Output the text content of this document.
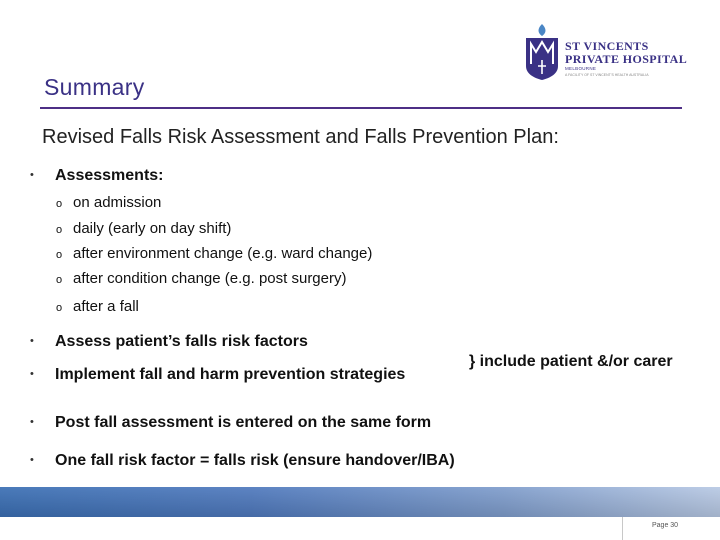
Summary
ST VINCENTS
PRIVATE HOSPITAL
MELBOURNE
A FACILITY OF ST VINCENT'S HEALTH AUSTRALIA
Revised Falls Risk Assessment and Falls Prevention Plan:
• Assessments:
o on admission
o daily (early on day shift)
o after environment change (e.g. ward change)
o after condition change (e.g. post surgery)
o after a fall
• Assess patient’s falls risk factors
• Implement fall and harm prevention strategies
} include patient &/or carer
• Post fall assessment is entered on the same form
• One fall risk factor = falls risk (ensure handover/IBA)
Page 30
